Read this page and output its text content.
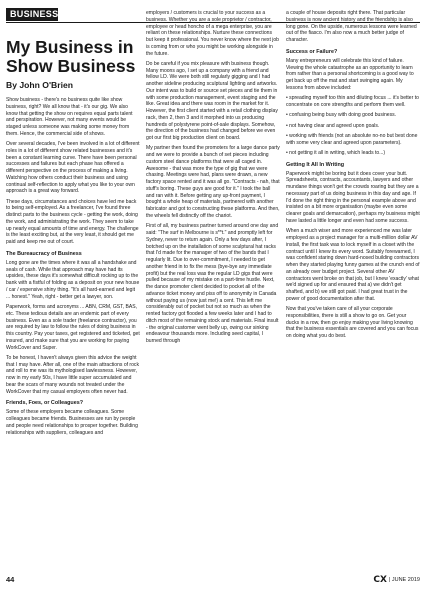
BUSINESS
My Business in Show Business
By John O'Brien

Show business - there's no business quite like show business, right? We all know that - it's our gig. We also know that getting the show on requires equal parts talent and perspiration. However, not many events would be staged unless someone was making some money from them. Hence, the commercial side of shows.

Over several decades, I've been involved in a lot of different roles in a lot of different show related businesses and it's been a constant learning curve. There have been personal successes and failures but each phase has offered a different perspective on the process of making a living. Watching how others conduct their business and using continual self-reflection to apply what you like to your own approach is a great way forward.

These days, circumstances and choices have led me back to being self-employed. As a freelancer, I've found three distinct parts to the business cycle - getting the work, doing the work, and administrating the work. They seem to take up nearly equal amounts of time and energy. The challenge is the least exciting but, at the very least, it should get me paid and keep me out of court.

The Bureaucracy of Business

Long gone are the times where it was all a handshake and seals of cash. While that approach may have had its upsides, these days it's somewhat difficult rocking up to the bank with a fistful of folding as a deposit on your new house / car / expensive shiny thing. "It's all hard-earned and legit ... honest." Yeah, right - better get a lawyer, son.

Paperwork, forms and acronyms ... ABN, CRM, GST, BAS, etc. These tedious details are an endemic part of every business. Even as a sole trader (freelance contractor), you are required by law to follow the rules of doing business in this country. Pay your taxes, get registered and ticketed, get insured, and make sure that you are working for paying WorkCover and Super.

To be honest, I haven't always given this advice the weight that I may have. After all, one of the main attractions of rock and roll to me was its mythologised lawlessness. However, now in my early 50s, I have little super accumulated and bear the scars of many wounds not treated under the WorkCover that my casual employers often never had.

Friends, Foes, or Colleagues?

Some of these employers became colleagues. Some colleagues became friends. Businesses are run by people and people need relationships to prosper together. Building relationships with suppliers, colleagues and

employers / customers is crucial to your success as a business. Whether you are a sole proprietor / contractor, employee or head honcho of a mega enterprise, you are reliant on these relationships. Nurture these connections but keep it professional. You never know where the next job is coming from or who you might be working alongside in the future.

Do be careful if you mix pleasure with business though. Many moons ago, I set up a company with a friend and fellow LD. We were both still regularly gigging and I had another sideline producing sculptural lighting and artworks. Our intent was to build or source set pieces and tie them in with some production management, event staging and the like. Great idea and there was room in the market for it. However, the first client started with a retail clothing display rack, then 2, then 3 and it morphed into us producing hundreds of polystyrene point-of-sale displays. Somehow, the direction of the business had changed before we even got our first big production client on board.

My partner then found the promoters for a large dance party and we were to provide a bunch of set pieces including custom steel dance platforms that were all caged in. Awesome - that was more the type of gig that we were chasing. Meetings were had, plans were drawn, a new factory space rented and it was all go. "Contracts - nah, that stuff's boring. These guys are good for it." I took the ball and ran with it. Before getting any up-front payment, I bought a whole heap of materials, partnered with another fabricator and got to constructing these platforms. And then, the wheels fell distinctly off the chariot.

First of all, my business partner turned around one day and said: "The surf in Melbourne is s**t." and promptly left for Sydney, never to return again. Only a few days after, I botched up on the installation of some sculptural hat racks that I'd made for the manager of two of the bands that I regularly lit. Due to over-commitment, I needed to get another friend in to fix the mess (bye-bye any immediate profit) but the real loss was the regular LD gigs that were pulled because of my mistake on a part-time hustle. Next, the dance promoter client decided to pocket all of the advance ticket money and piss off to anonymity in Canada without paying us (now just me!) a cent. This left me considerably out of pocket but not so much as when the rented factory got flooded a few weeks later and I had to ditch most of the remaining stock and materials. Final insult - the original customer went belly up, owing our sinking endeavour thousands more. Including seed capital, I burned through

a couple of house deposits right there. That particular business is now ancient history and the friendship is also long gone. On the upside, numerous lessons were learned out of the fiasco. I'm also now a much better judge of character.

Success or Failure?

Many entrepreneurs will celebrate this kind of failure. Viewing the whole catastrophe as an opportunity to learn from rather than a personal shortcoming is a good way to get back up off the mat and start swinging again. My lessons from above included:

• spreading myself too thin and diluting focus ... it's better to concentrate on core strengths and perform them well.

• confusing being busy with doing good business.

• not having clear and agreed upon goals.

• working with friends (not an absolute no-no but best done with some very clear and agreed upon parameters).

• not getting it all in writing, which leads to...)

Getting It All In Writing

Paperwork might be boring but it does cover your butt. Spreadsheets, contracts, accountants, lawyers and other mundane things won't get the crowds roaring but they are a necessary part of us doing business in this day and age. If I'd done the right thing in the personal example above and insisted on a bit more organisation (maybe even some clearer goals and demarcation), perhaps my business might have lasted a little longer and even had some success.

When a much wiser and more experienced me was later employed as a project manager for a multi-million dollar AV install, the first task was to lock myself in a closet with the contract until I knew its every word. Suitably forewarned, I was confident staring down hard-nosed building contractors when they started playing funny games at the crunch end of an already over budget project. Several other AV contractors went broke on that job, but I knew 'exactly' what we'd signed up for and ensured that a) we didn't get shafted, and b) we still got paid. I had great trust in the power of good documentation after that.

Now that you've taken care of all your corporate responsibilities, there is still a show to go on. Get your ducks in a row, then go enjoy making your living knowing that the business essentials are covered and you can focus on doing what you do best.

44	CX | JUNE 2019
